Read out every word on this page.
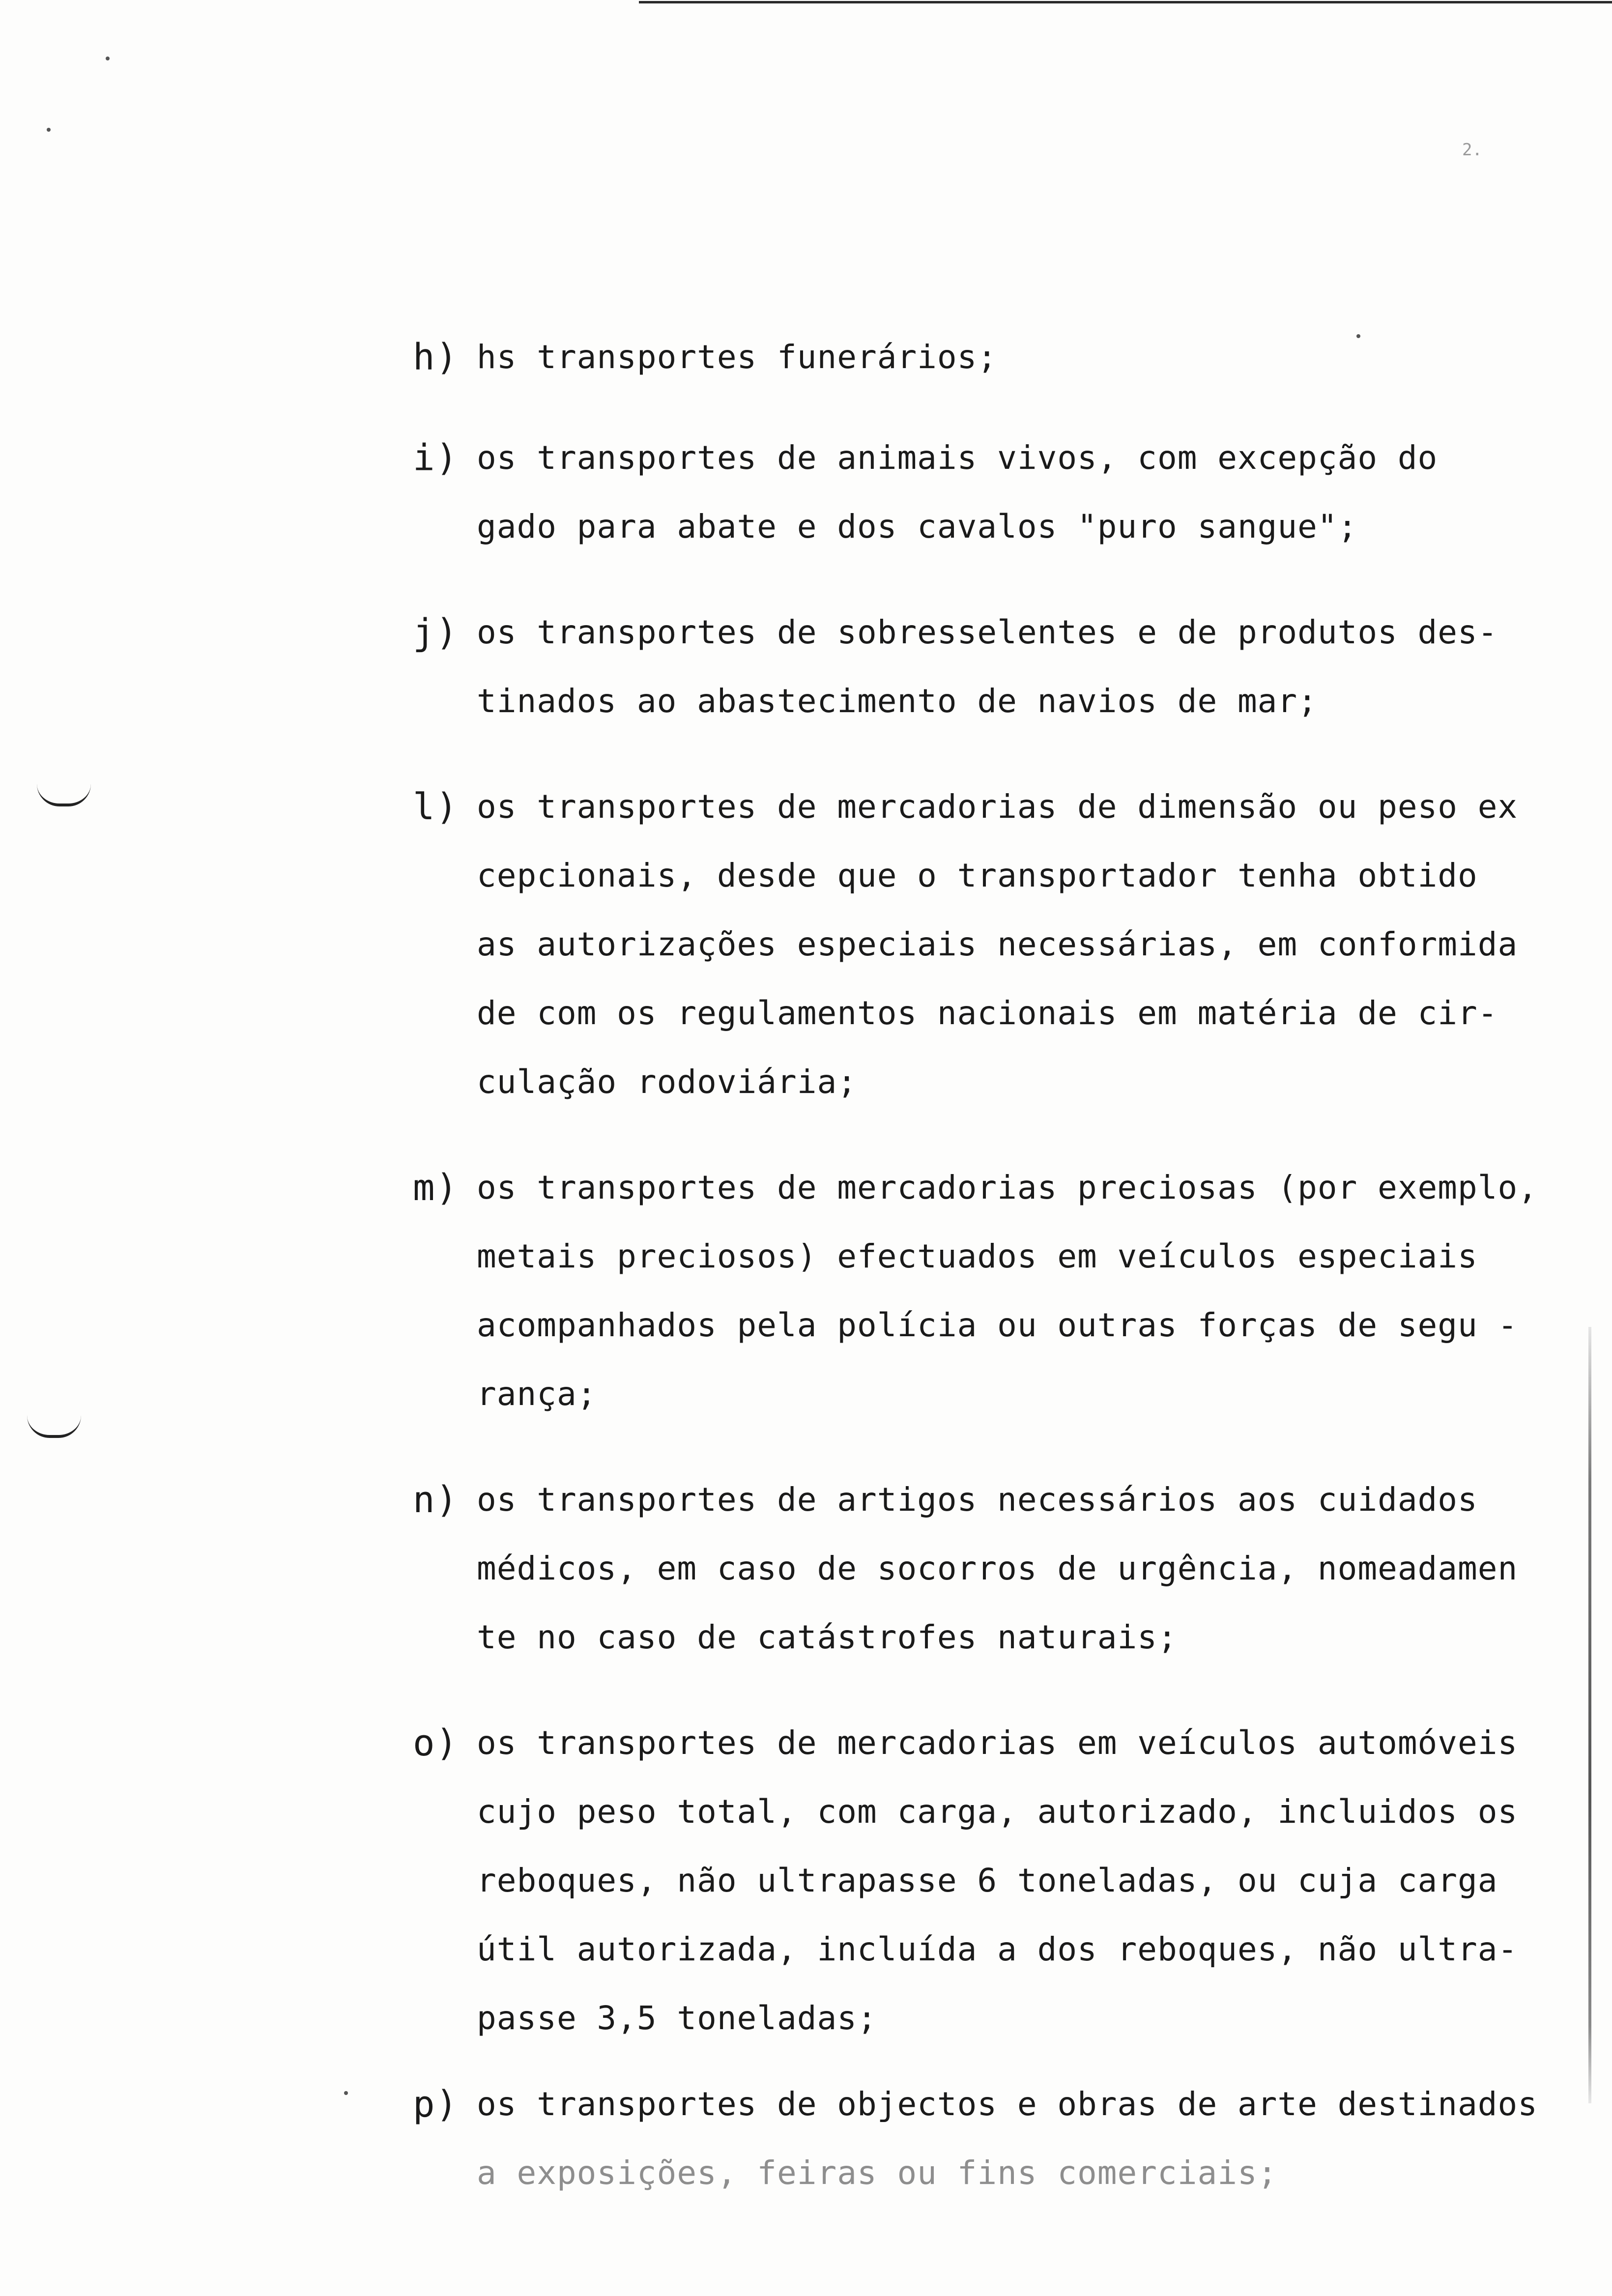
2.
h) hs transportes funerários;
i) os transportes de animais vivos, com excepção do
gado para abate e dos cavalos "puro sangue";
j) os transportes de sobresselentes e de produtos des-
tinados ao abastecimento de navios de mar;
l) os transportes de mercadorias de dimensão ou peso ex
cepcionais, desde que o transportador tenha obtido
as autorizações especiais necessárias, em conformida
de com os regulamentos nacionais em matéria de cir-
culação rodoviária;
m) os transportes de mercadorias preciosas (por exemplo,
metais preciosos) efectuados em veículos especiais
acompanhados pela polícia ou outras forças de segu -
rança;
n) os transportes de artigos necessários aos cuidados
médicos, em caso de socorros de urgência, nomeadamen
te no caso de catástrofes naturais;
o) os transportes de mercadorias em veículos automóveis
cujo peso total, com carga, autorizado, incluidos os
reboques, não ultrapasse 6 toneladas, ou cuja carga
útil autorizada, incluída a dos reboques, não ultra-
passe 3,5 toneladas;
p) os transportes de objectos e obras de arte destinados
a exposições, feiras ou fins comerciais;
